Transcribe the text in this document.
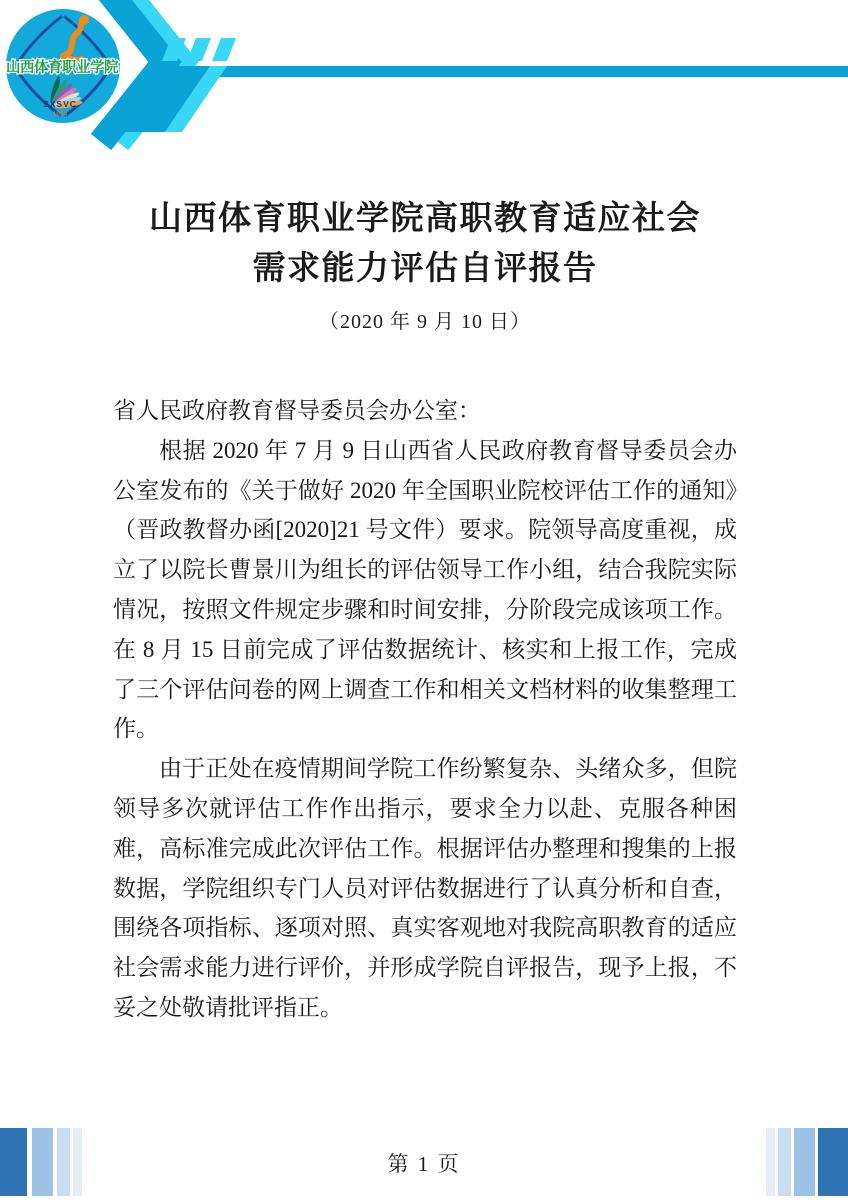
山西体育职业学院
SXSVC
1954
山西体育职业学院高职教育适应社会
需求能力评估自评报告
（2020 年 9 月 10 日）

省人民政府教育督导委员会办公室：

根据 2020 年 7 月 9 日山西省人民政府教育督导委员会办公室发布的《关于做好 2020 年全国职业院校评估工作的通知》（晋政教督办函[2020]21 号文件）要求。院领导高度重视，成立了以院长曹景川为组长的评估领导工作小组，结合我院实际情况，按照文件规定步骤和时间安排，分阶段完成该项工作。在 8 月 15 日前完成了评估数据统计、核实和上报工作，完成了三个评估问卷的网上调查工作和相关文档材料的收集整理工作。

由于正处在疫情期间学院工作纷繁复杂、头绪众多，但院领导多次就评估工作作出指示，要求全力以赴、克服各种困难，高标准完成此次评估工作。根据评估办整理和搜集的上报数据，学院组织专门人员对评估数据进行了认真分析和自查，围绕各项指标、逐项对照、真实客观地对我院高职教育的适应社会需求能力进行评价，并形成学院自评报告，现予上报，不妥之处敬请批评指正。

第 1 页
